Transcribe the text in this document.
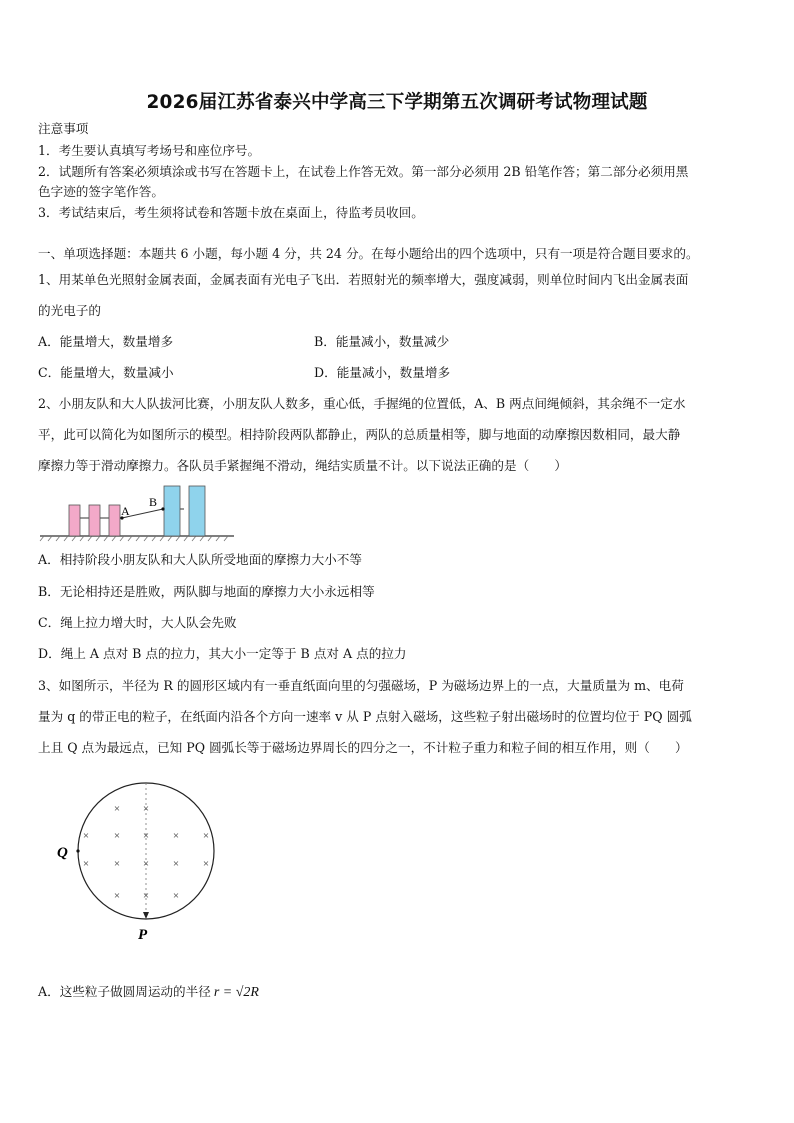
2026届江苏省泰兴中学高三下学期第五次调研考试物理试题
注意事项
1．考生要认真填写考场号和座位序号。
2．试题所有答案必须填涂或书写在答题卡上，在试卷上作答无效。第一部分必须用 2B 铅笔作答；第二部分必须用黑
色字迹的签字笔作答。
3．考试结束后，考生须将试卷和答题卡放在桌面上，待监考员收回。
一、单项选择题：本题共 6 小题，每小题 4 分，共 24 分。在每小题给出的四个选项中，只有一项是符合题目要求的。
1、用某单色光照射金属表面，金属表面有光电子飞出．若照射光的频率增大，强度减弱，则单位时间内飞出金属表面
的光电子的
A．能量增大，数量增多	B．能量减小，数量减少
C．能量增大，数量减小	D．能量减小，数量增多
2、小朋友队和大人队拔河比赛，小朋友队人数多，重心低，手握绳的位置低，A、B 两点间绳倾斜，其余绳不一定水
平，此可以简化为如图所示的模型。相持阶段两队都静止，两队的总质量相等，脚与地面的动摩擦因数相同，最大静
摩擦力等于滑动摩擦力。各队员手紧握绳不滑动，绳结实质量不计。以下说法正确的是（　　）
A
B
A．相持阶段小朋友队和大人队所受地面的摩擦力大小不等
B．无论相持还是胜败，两队脚与地面的摩擦力大小永远相等
C．绳上拉力增大时，大人队会先败
D．绳上 A 点对 B 点的拉力，其大小一定等于 B 点对 A 点的拉力
3、如图所示，半径为 R 的圆形区域内有一垂直纸面向里的匀强磁场，P 为磁场边界上的一点，大量质量为 m、电荷
量为 q 的带正电的粒子，在纸面内沿各个方向一速率 v 从 P 点射入磁场，这些粒子射出磁场时的位置均位于 PQ 圆弧
上且 Q 点为最远点，已知 PQ 圆弧长等于磁场边界周长的四分之一，不计粒子重力和粒子间的相互作用，则（　　）
× ×
× × × × ×
× × × × ×
× × ×
Q
P
A．这些粒子做圆周运动的半径 r = √2R
